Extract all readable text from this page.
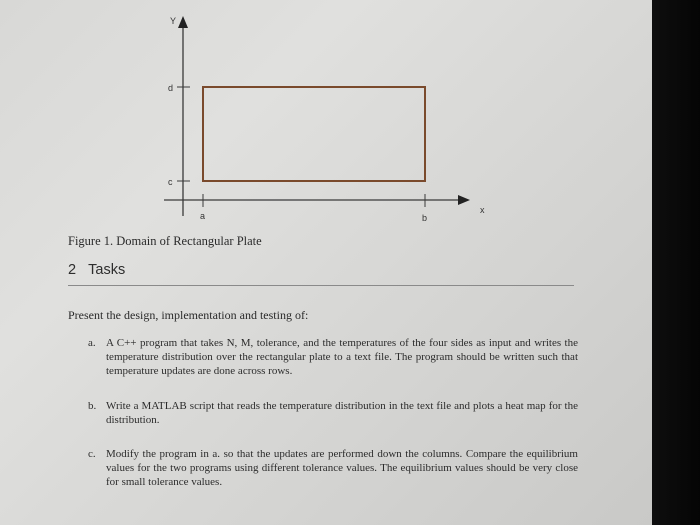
Y
x
d
c
a	b
Figure 1. Domain of Rectangular Plate
2 Tasks
Present the design, implementation and testing of:
a. A C++ program that takes N, M, tolerance, and the temperatures of the four sides as input and writes the temperature distribution over the rectangular plate to a text file. The program should be written such that temperature updates are done across rows.
b. Write a MATLAB script that reads the temperature distribution in the text file and plots a heat map for the distribution.
c. Modify the program in a. so that the updates are performed down the columns. Compare the equilibrium values for the two programs using different tolerance values. The equilibrium values should be very close for small tolerance values.
